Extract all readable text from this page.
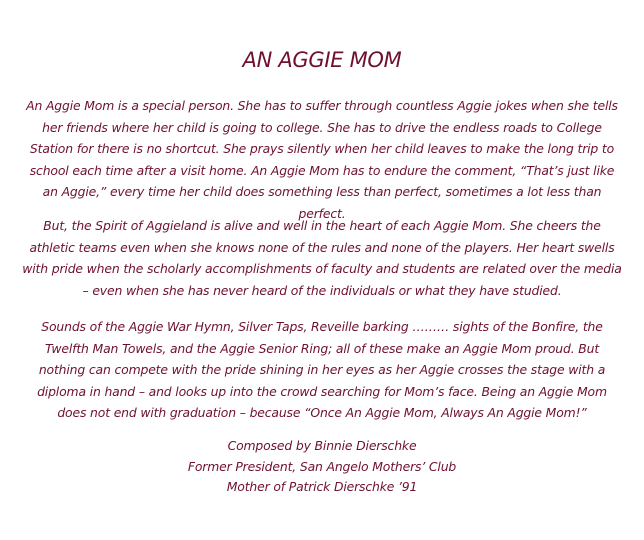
AN AGGIE MOM

An Aggie Mom is a special person. She has to suffer through countless Aggie jokes when she tells her friends where her child is going to college. She has to drive the endless roads to College Station for there is no shortcut. She prays silently when her child leaves to make the long trip to school each time after a visit home. An Aggie Mom has to endure the comment, “That’s just like an Aggie,” every time her child does something less than perfect, sometimes a lot less than perfect.

But, the Spirit of Aggieland is alive and well in the heart of each Aggie Mom. She cheers the athletic teams even when she knows none of the rules and none of the players. Her heart swells with pride when the scholarly accomplishments of faculty and students are related over the media – even when she has never heard of the individuals or what they have studied.

Sounds of the Aggie War Hymn, Silver Taps, Reveille barking ……… sights of the Bonfire, the Twelfth Man Towels, and the Aggie Senior Ring; all of these make an Aggie Mom proud. But nothing can compete with the pride shining in her eyes as her Aggie crosses the stage with a diploma in hand – and looks up into the crowd searching for Mom’s face. Being an Aggie Mom does not end with graduation – because “Once An Aggie Mom, Always An Aggie Mom!”

Composed by Binnie Dierschke
Former President, San Angelo Mothers’ Club
Mother of Patrick Dierschke ’91
